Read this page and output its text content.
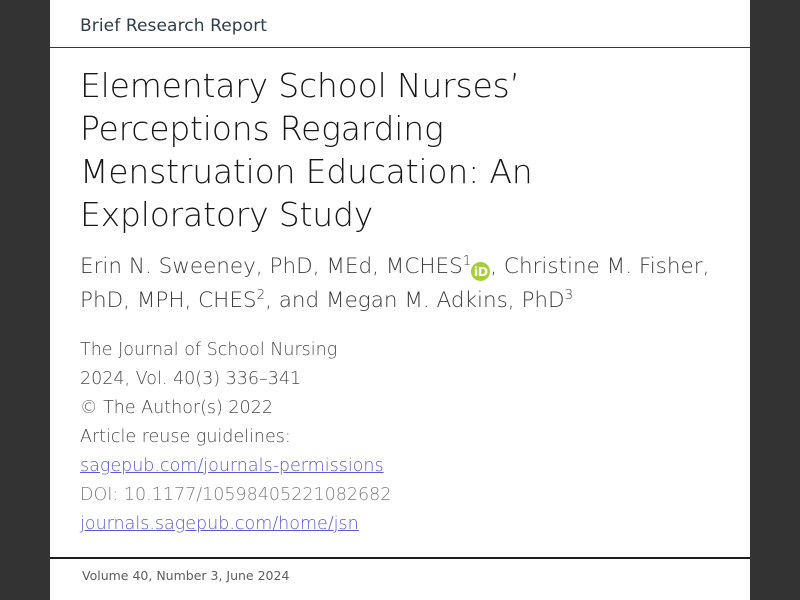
Brief Research Report
Elementary School Nurses’ Perceptions Regarding Menstruation Education: An Exploratory Study

Erin N. Sweeney, PhD, MEd, MCHES$^1$iD , Christine M. Fisher, PhD, MPH, CHES$^2$, and Megan M. Adkins, PhD$^3$

The Journal of School Nursing
2024, Vol. 40(3) 336–341
© The Author(s) 2022
Article reuse guidelines:
sagepub.com/journals-permissions
DOI: 10.1177/10598405221082682
journals.sagepub.com/home/jsn
Volume 40, Number 3, June 2024
